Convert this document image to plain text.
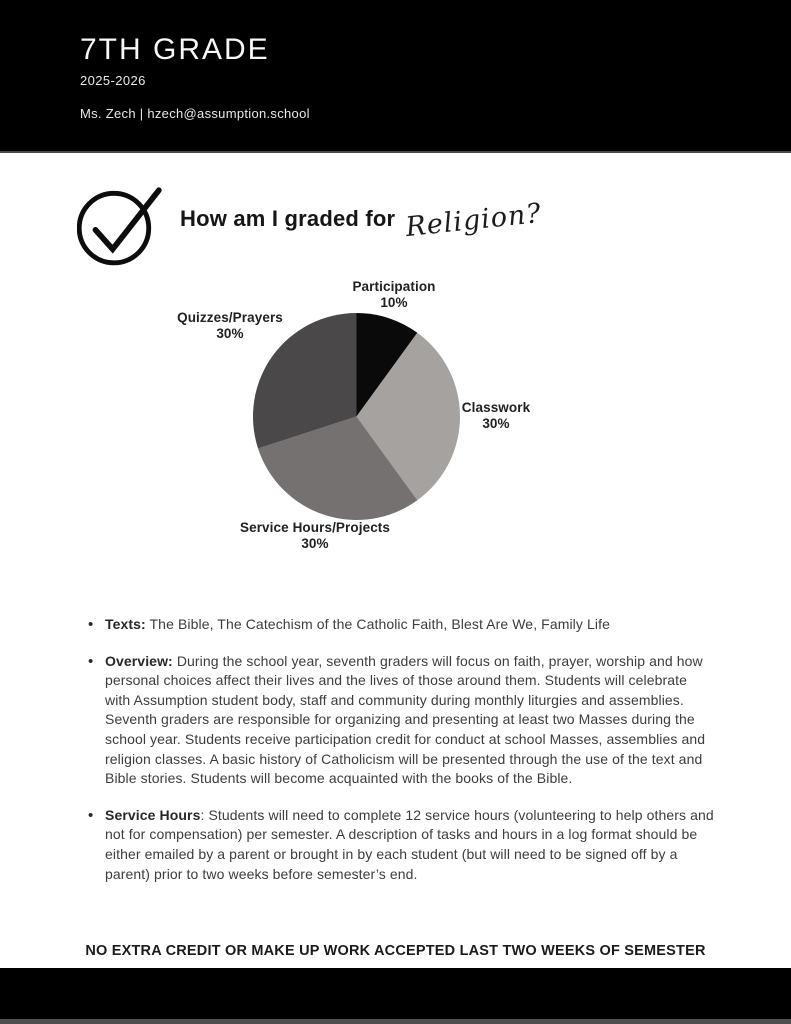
7TH GRADE
2025-2026
Ms. Zech | hzech@assumption.school
How am I graded for Religion?
Participation
10%
Classwork
30%
Service Hours/Projects
30%
Quizzes/Prayers
30%
• Texts: The Bible, The Catechism of the Catholic Faith, Blest Are We, Family Life
• Overview: During the school year, seventh graders will focus on faith, prayer, worship and how personal choices affect their lives and the lives of those around them. Students will celebrate with Assumption student body, staff and community during monthly liturgies and assemblies. Seventh graders are responsible for organizing and presenting at least two Masses during the school year. Students receive participation credit for conduct at school Masses, assemblies and religion classes. A basic history of Catholicism will be presented through the use of the text and Bible stories. Students will become acquainted with the books of the Bible.
• Service Hours: Students will need to complete 12 service hours (volunteering to help others and not for compensation) per semester. A description of tasks and hours in a log format should be either emailed by a parent or brought in by each student (but will need to be signed off by a parent) prior to two weeks before semester’s end.
NO EXTRA CREDIT OR MAKE UP WORK ACCEPTED LAST TWO WEEKS OF SEMESTER
